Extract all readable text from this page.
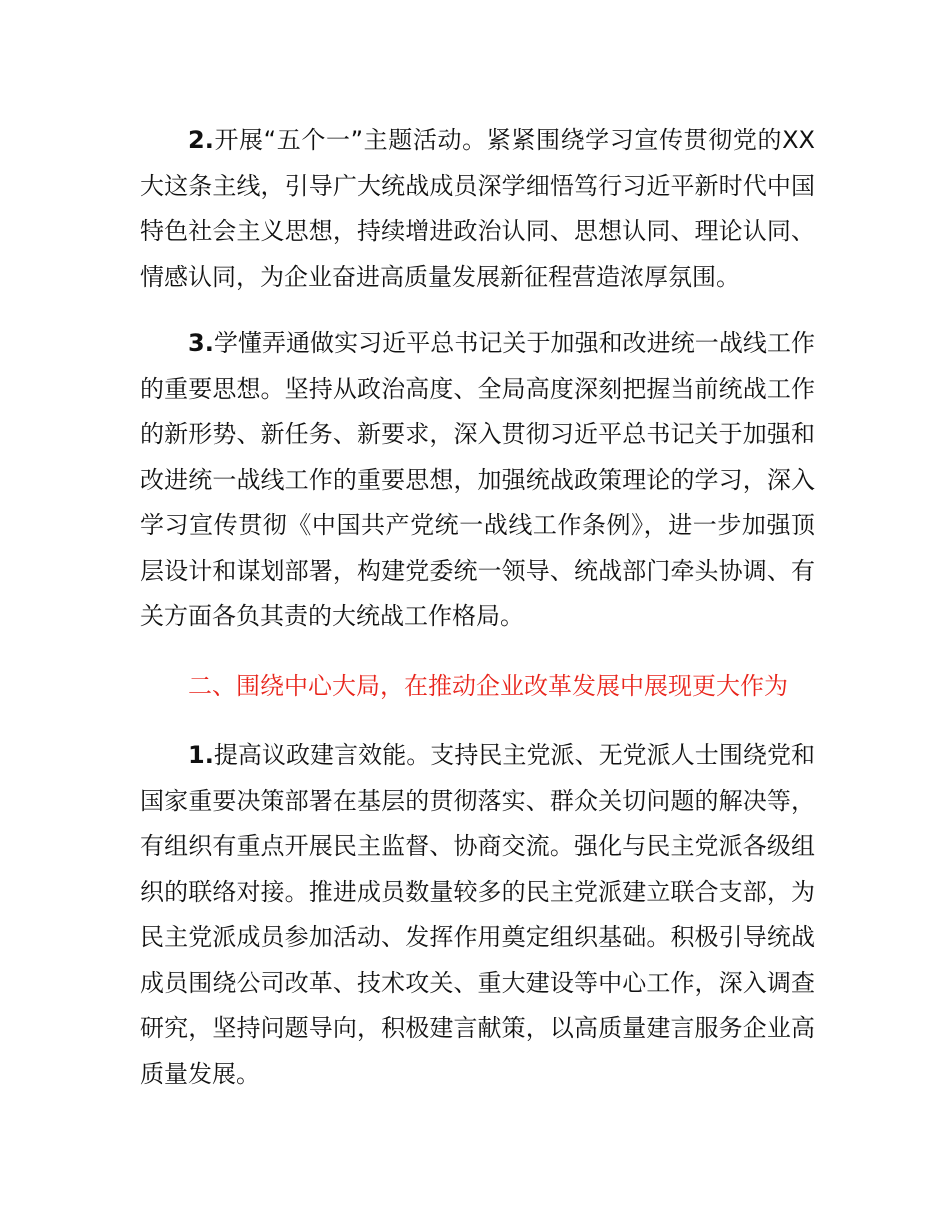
2.开展“五个一”主题活动。紧紧围绕学习宣传贯彻党的XX大这条主线，引导广大统战成员深学细悟笃行习近平新时代中国特色社会主义思想，持续增进政治认同、思想认同、理论认同、情感认同，为企业奋进高质量发展新征程营造浓厚氛围。

3.学懂弄通做实习近平总书记关于加强和改进统一战线工作的重要思想。坚持从政治高度、全局高度深刻把握当前统战工作的新形势、新任务、新要求，深入贯彻习近平总书记关于加强和改进统一战线工作的重要思想，加强统战政策理论的学习，深入学习宣传贯彻《中国共产党统一战线工作条例》，进一步加强顶层设计和谋划部署，构建党委统一领导、统战部门牵头协调、有关方面各负其责的大统战工作格局。

二、围绕中心大局，在推动企业改革发展中展现更大作为

1.提高议政建言效能。支持民主党派、无党派人士围绕党和国家重要决策部署在基层的贯彻落实、群众关切问题的解决等，有组织有重点开展民主监督、协商交流。强化与民主党派各级组织的联络对接。推进成员数量较多的民主党派建立联合支部，为民主党派成员参加活动、发挥作用奠定组织基础。积极引导统战成员围绕公司改革、技术攻关、重大建设等中心工作，深入调查研究，坚持问题导向，积极建言献策，以高质量建言服务企业高质量发展。
